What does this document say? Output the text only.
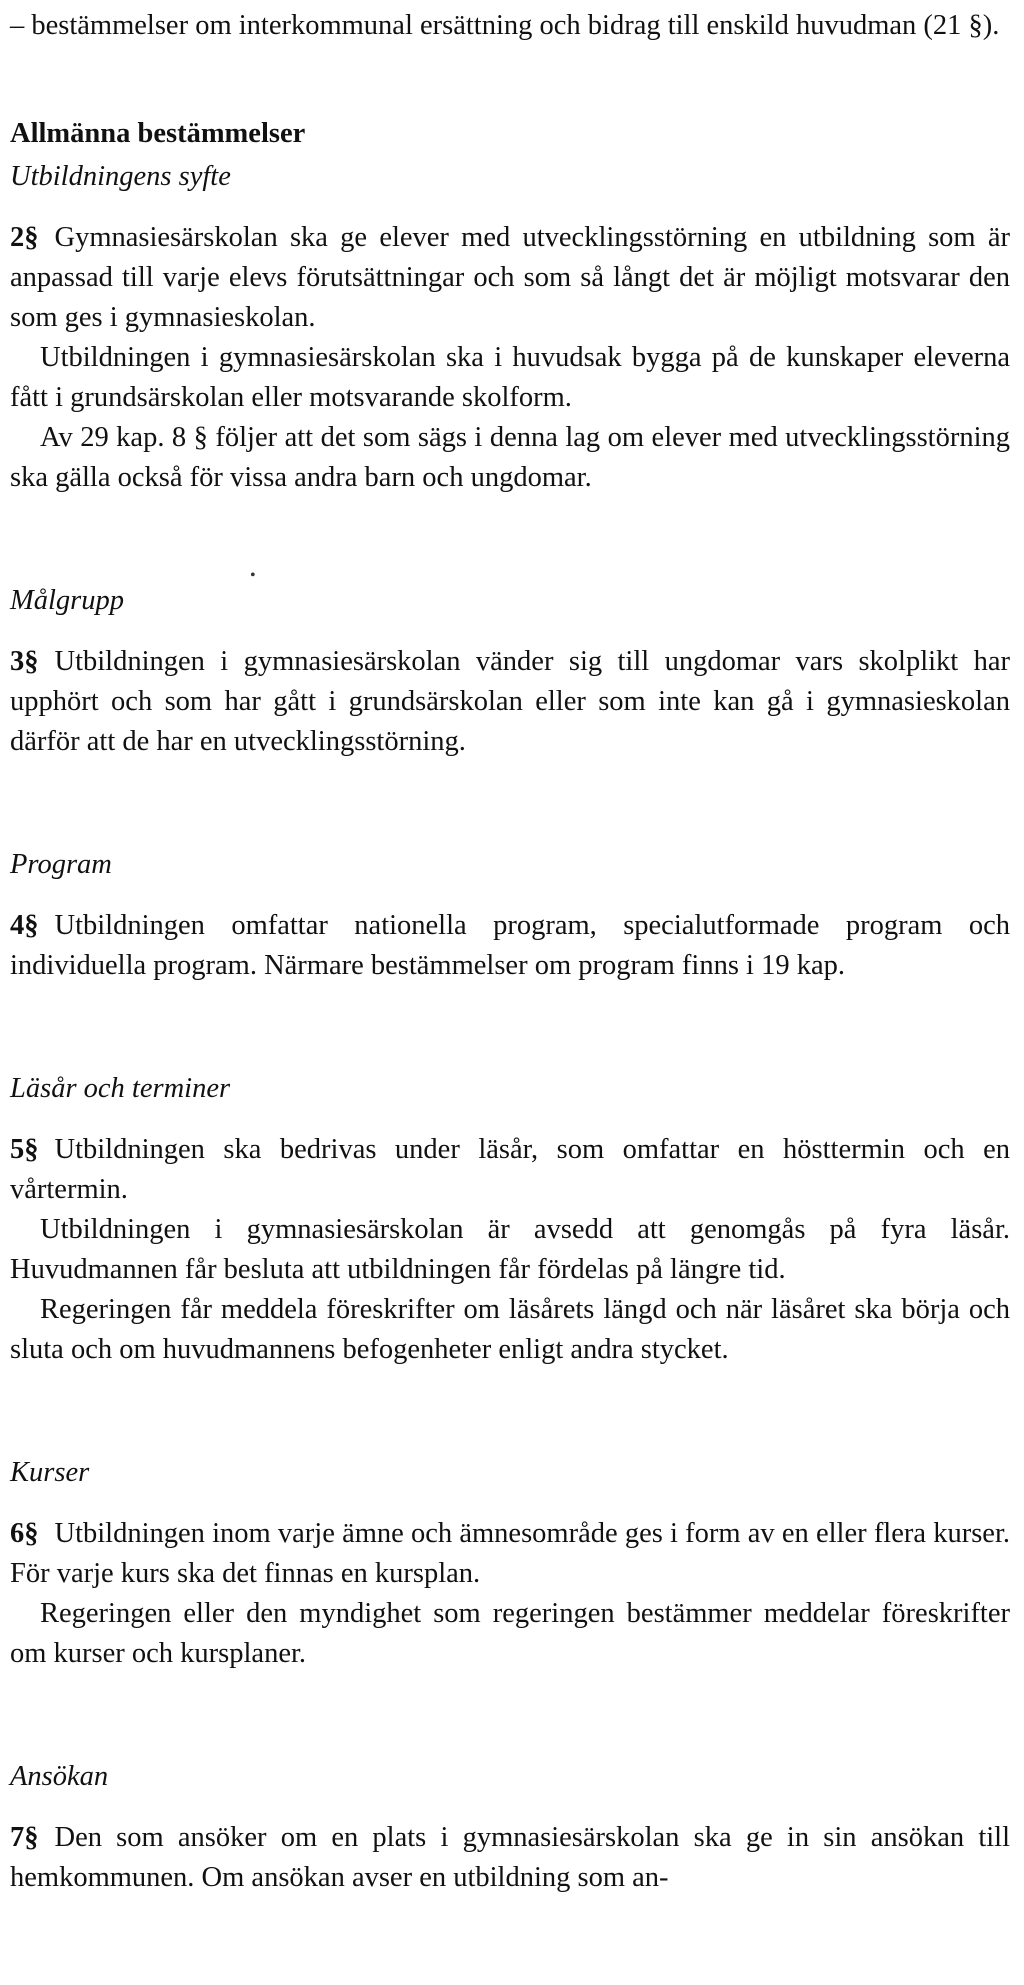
– bestämmelser om interkommunal ersättning och bidrag till enskild huvudman (21 §).

Allmänna bestämmelser
Utbildningens syfte

2§ Gymnasiesärskolan ska ge elever med utvecklingsstörning en utbildning som är anpassad till varje elevs förutsättningar och som så långt det är möjligt motsvarar den som ges i gymnasieskolan.

Utbildningen i gymnasiesärskolan ska i huvudsak bygga på de kunskaper eleverna fått i grundsärskolan eller motsvarande skolform.

Av 29 kap. 8 § följer att det som sägs i denna lag om elever med utvecklingsstörning ska gälla också för vissa andra barn och ungdomar.

Målgrupp

3§ Utbildningen i gymnasiesärskolan vänder sig till ungdomar vars skolplikt har upphört och som har gått i grundsärskolan eller som inte kan gå i gymnasieskolan därför att de har en utvecklingsstörning.

Program

4§ Utbildningen omfattar nationella program, specialutformade program och individuella program. Närmare bestämmelser om program finns i 19 kap.

Läsår och terminer

5§ Utbildningen ska bedrivas under läsår, som omfattar en hösttermin och en vårtermin.

Utbildningen i gymnasiesärskolan är avsedd att genomgås på fyra läsår. Huvudmannen får besluta att utbildningen får fördelas på längre tid.

Regeringen får meddela föreskrifter om läsårets längd och när läsåret ska börja och sluta och om huvudmannens befogenheter enligt andra stycket.

Kurser

6§ Utbildningen inom varje ämne och ämnesområde ges i form av en eller flera kurser. För varje kurs ska det finnas en kursplan.

Regeringen eller den myndighet som regeringen bestämmer meddelar föreskrifter om kurser och kursplaner.

Ansökan

7§ Den som ansöker om en plats i gymnasiesärskolan ska ge in sin ansökan till hemkommunen. Om ansökan avser en utbildning som an-

•
